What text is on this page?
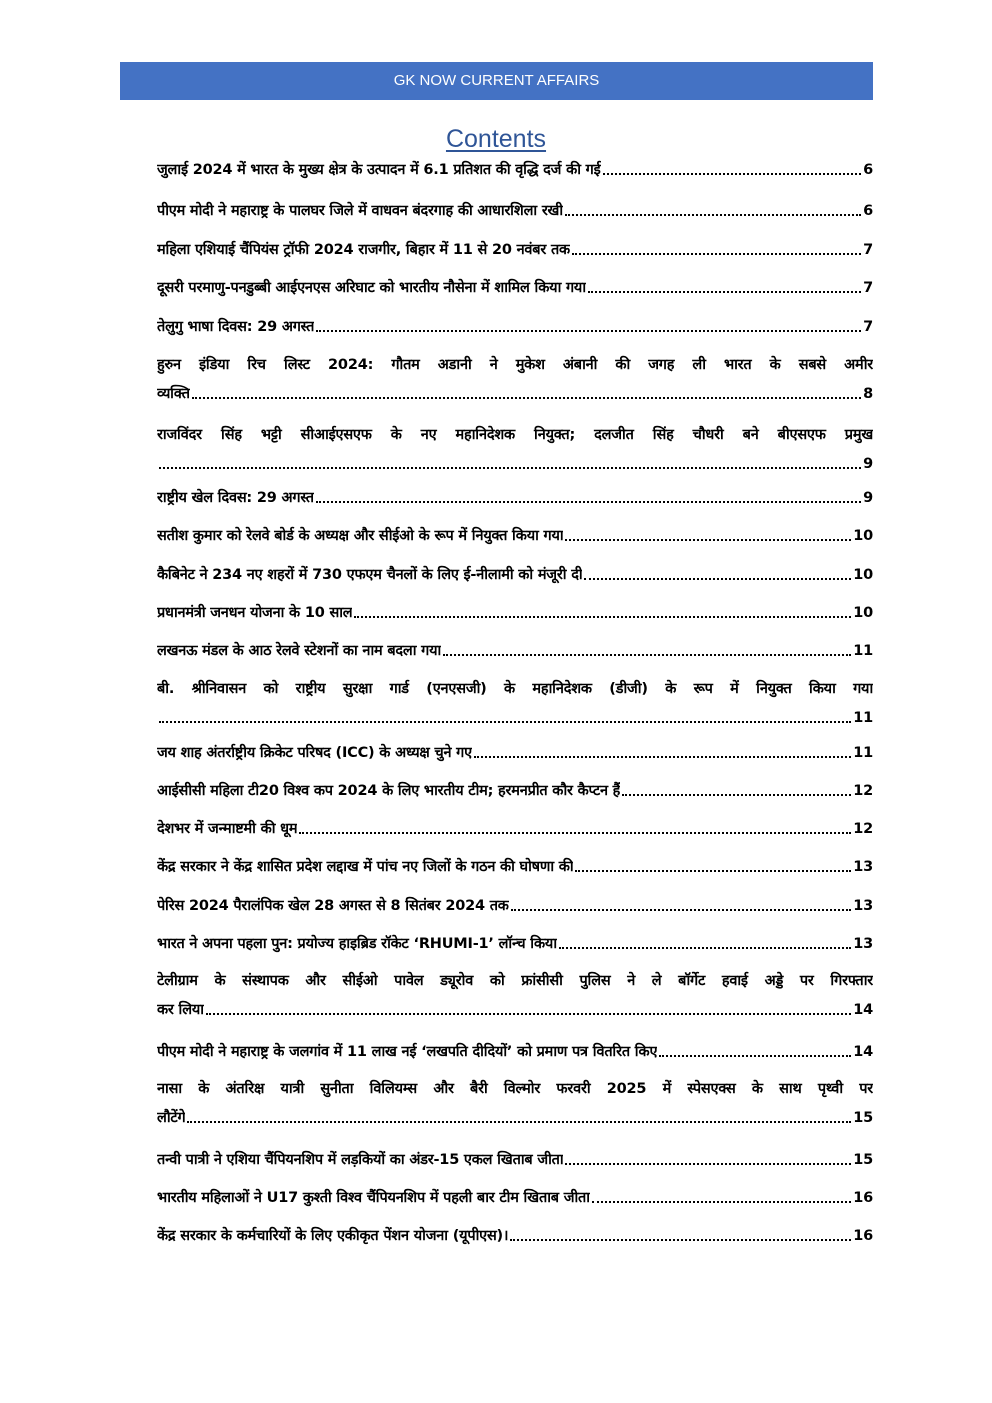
GK NOW CURRENT AFFAIRS
Contents
जुलाई 2024 में भारत के मुख्य क्षेत्र के उत्पादन में 6.1 प्रतिशत की वृद्धि दर्ज की गई	6
पीएम मोदी ने महाराष्ट्र के पालघर जिले में वाधवन बंदरगाह की आधारशिला रखी	6
महिला एशियाई चैंपियंस ट्रॉफी 2024 राजगीर, बिहार में 11 से 20 नवंबर तक	7
दूसरी परमाणु-पनडुब्बी आईएनएस अरिघाट को भारतीय नौसेना में शामिल किया गया	7
तेलुगु भाषा दिवस: 29 अगस्त	7
हुरुन इंडिया रिच लिस्ट 2024: गौतम अडानी ने मुकेश अंबानी की जगह ली भारत के सबसे अमीर
व्यक्ति	8
राजविंदर सिंह भट्टी सीआईएसएफ के नए महानिदेशक नियुक्त; दलजीत सिंह चौधरी बने बीएसएफ प्रमुख
9
राष्ट्रीय खेल दिवस: 29 अगस्त	9
सतीश कुमार को रेलवे बोर्ड के अध्यक्ष और सीईओ के रूप में नियुक्त किया गया	10
कैबिनेट ने 234 नए शहरों में 730 एफएम चैनलों के लिए ई-नीलामी को मंजूरी दी	10
प्रधानमंत्री जनधन योजना के 10 साल	10
लखनऊ मंडल के आठ रेलवे स्टेशनों का नाम बदला गया	11
बी. श्रीनिवासन को राष्ट्रीय सुरक्षा गार्ड (एनएसजी) के महानिदेशक (डीजी) के रूप में नियुक्त किया गया
11
जय शाह अंतर्राष्ट्रीय क्रिकेट परिषद (ICC) के अध्यक्ष चुने गए	11
आईसीसी महिला टी20 विश्व कप 2024 के लिए भारतीय टीम; हरमनप्रीत कौर कैप्टन हैं	12
देशभर में जन्माष्टमी की धूम	12
केंद्र सरकार ने केंद्र शासित प्रदेश लद्दाख में पांच नए जिलों के गठन की घोषणा की	13
पेरिस 2024 पैरालंपिक खेल 28 अगस्त से 8 सितंबर 2024 तक	13
भारत ने अपना पहला पुन: प्रयोज्य हाइब्रिड रॉकेट ‘RHUMI-1’ लॉन्च किया	13
टेलीग्राम के संस्थापक और सीईओ पावेल ड्यूरोव को फ्रांसीसी पुलिस ने ले बॉर्गेट हवाई अड्डे पर गिरफ्तार
कर लिया	14
पीएम मोदी ने महाराष्ट्र के जलगांव में 11 लाख नई ‘लखपति दीदियों’ को प्रमाण पत्र वितरित किए	14
नासा के अंतरिक्ष यात्री सुनीता विलियम्स और बैरी विल्मोर फरवरी 2025 में स्पेसएक्स के साथ पृथ्वी पर
लौटेंगे	15
तन्वी पात्री ने एशिया चैंपियनशिप में लड़कियों का अंडर-15 एकल खिताब जीता	15
भारतीय महिलाओं ने U17 कुश्ती विश्व चैंपियनशिप में पहली बार टीम खिताब जीता	16
केंद्र सरकार के कर्मचारियों के लिए एकीकृत पेंशन योजना (यूपीएस)।	16
